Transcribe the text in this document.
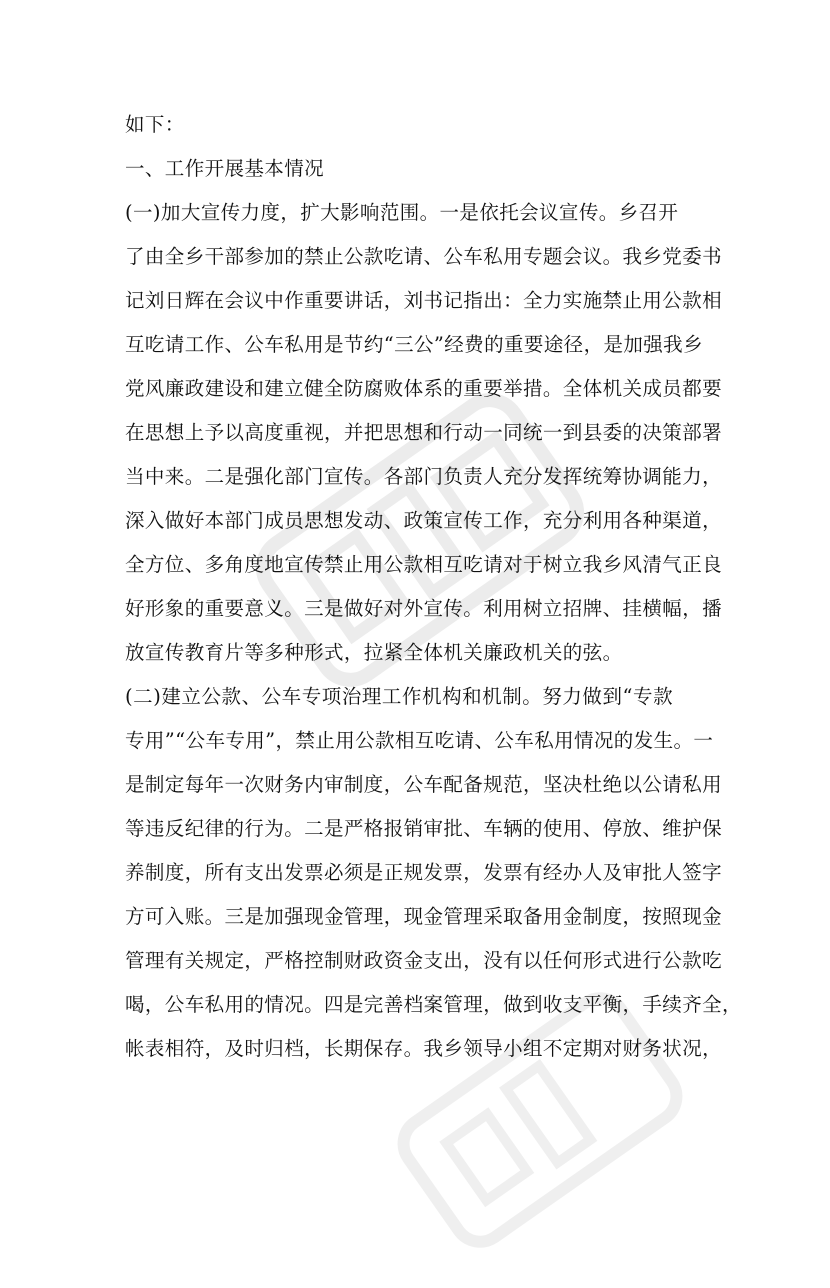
如下：
一、工作开展基本情况
(一)加大宣传力度，扩大影响范围。一是依托会议宣传。乡召开
了由全乡干部参加的禁止公款吃请、公车私用专题会议。我乡党委书
记刘日辉在会议中作重要讲话，刘书记指出：全力实施禁止用公款相
互吃请工作、公车私用是节约“三公”经费的重要途径，是加强我乡
党风廉政建设和建立健全防腐败体系的重要举措。全体机关成员都要
在思想上予以高度重视，并把思想和行动一同统一到县委的决策部署
当中来。二是强化部门宣传。各部门负责人充分发挥统筹协调能力，
深入做好本部门成员思想发动、政策宣传工作，充分利用各种渠道，
全方位、多角度地宣传禁止用公款相互吃请对于树立我乡风清气正良
好形象的重要意义。三是做好对外宣传。利用树立招牌、挂横幅，播
放宣传教育片等多种形式，拉紧全体机关廉政机关的弦。
(二)建立公款、公车专项治理工作机构和机制。努力做到“专款
专用”“公车专用”，禁止用公款相互吃请、公车私用情况的发生。一
是制定每年一次财务内审制度，公车配备规范，坚决杜绝以公请私用
等违反纪律的行为。二是严格报销审批、车辆的使用、停放、维护保
养制度，所有支出发票必须是正规发票，发票有经办人及审批人签字
方可入账。三是加强现金管理，现金管理采取备用金制度，按照现金
管理有关规定，严格控制财政资金支出，没有以任何形式进行公款吃
喝，公车私用的情况。四是完善档案管理，做到收支平衡，手续齐全，
帐表相符，及时归档，长期保存。我乡领导小组不定期对财务状况，
